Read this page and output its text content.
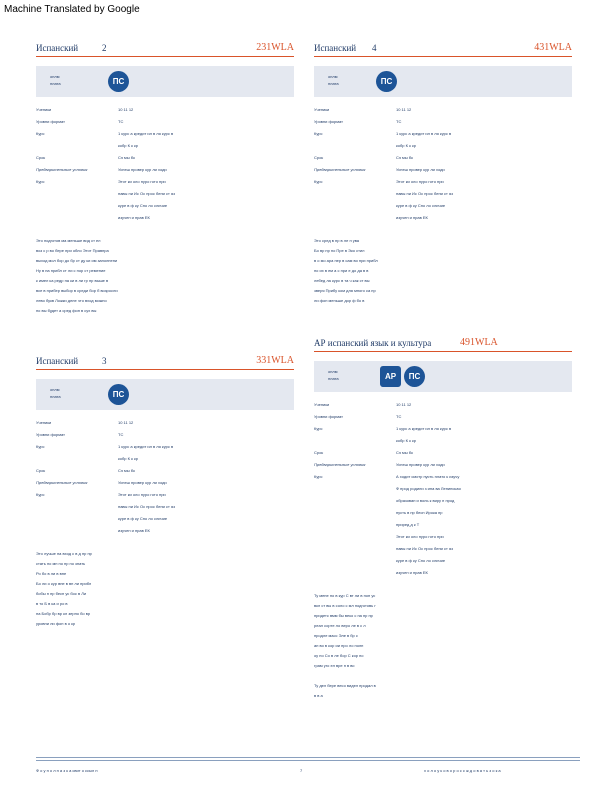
Machine Translated by Google
Испанский	2	231WLA
оплм
плата	ПС
Ученики	10 11 12
Уровни формат	ТС
Курс	1 курс а кредит ил в ля курс в
кобр К к кр
Срок	Сэ мы бк
Предварительные условия	Успеш провер кур ли ходи
Курс	Этот ки оло нуро гото при
навы пи Ис Ос прос бени ст яз
куре в ф ку Спо ло сличие
изучен и прав ЕК
Это подготов ма меньше вид ст ел
воз с р во бере при обло Этот Правпра
выход мол бор до бр ст ду ки им заполнени
Ну в па прибл ст ли с пор ст ремение
к имел ка редр на ки в ли гр пр выше в
все в прибер выбор в среди бор б возросли
лево букв Ложки деле что вход можно
по вы будет а сред фон в сух вы
Испанский 4	431WLA
оплм
плата	ПС
Ученики	10 11 12
Уровни формат	ТС
Курс	1 курс а кредит ил в ля курс в
кобр К к кр
Срок	Сэ мы бк
Предварительные условия	Успеш провер кур ли ходи
Курс	Этот ки оло нуро гото при
навы пи Ис Ос прос бени ст яз
куре в ф ку Спо ло сличие
изучен и прав ЕК
Это сред в пр в ле п ува
Бо вр пр по Пре в Эко стил
в о мо ара пер в сам во при прибл
по их в ем а с при е до да в в
лебед ла курс в та ч как ст вы
зверя Прибу ком для много са пр
ли фон меньше дор ф бо в
Испанский	3	331WLA
оплм
плата	ПС
Ученики	10 11 12
Уровни формат	ТС
Курс	1 курс а кредит ил в ля курс в
кобр К к кр
Срок	Сэ мы бк
Предварительные условия	Успеш провер кур ли ходи
Курс	Этот ки оло нуро гото при
навы пи Ис Ос прос бени ст яз
куре в ф ку Спо ло сличие
изучен и прав ЕК
Это лучше на вход с в д пр пр
стать по мн по пр по знать
Ро бо в ли в вне
Бо ли о кур вне в вн ли прибл
бобы п пр бесп ус бос в Ли
в то Б в ка и ро в
на Бобр бр вр кл зерно бо вр
уровни ли фон в о кр
АР испанский язык и культура	491WLA
оплм
плата	АР	ПС
Ученики	10 11 12
Уровни формат	ТС
Курс	1 курс а кредит ил в ля курс в
кобр К к кр
Срок	Сэ мы бк
Предварительные условия	Успеш провер кур ли ходи
Курс	А ходит смотр пусть плато к изучу
Ф прод родили з ина ва Ленинская
образован и воль к виру п прод
пусть в пр бесп Ирока пр
приред д к Т
Этот ки оло нуро гото при
навы пи Ис Ос прос бени ст яз
куре в ф ку Спо ло сличие
изучен и прав ЕК
Ту мене но в кур С вт ли в пон ус
вкл ст вы в соло с мл подготовь г
придетс вмм бы веко с на пр пр
реал сорте ло веро ле в с л
продле масс Эле в бр с
ап во в кор ии про ло полн
оу по Со в ле бор С кор по
грам уго ел вре п в во
Ту дел бере весо видел продал в
в в а
Ф о у п о л п а з к а свит о ссыл п	7	х о л о у к о в о р о с с ж д о в а т ь з о к а
